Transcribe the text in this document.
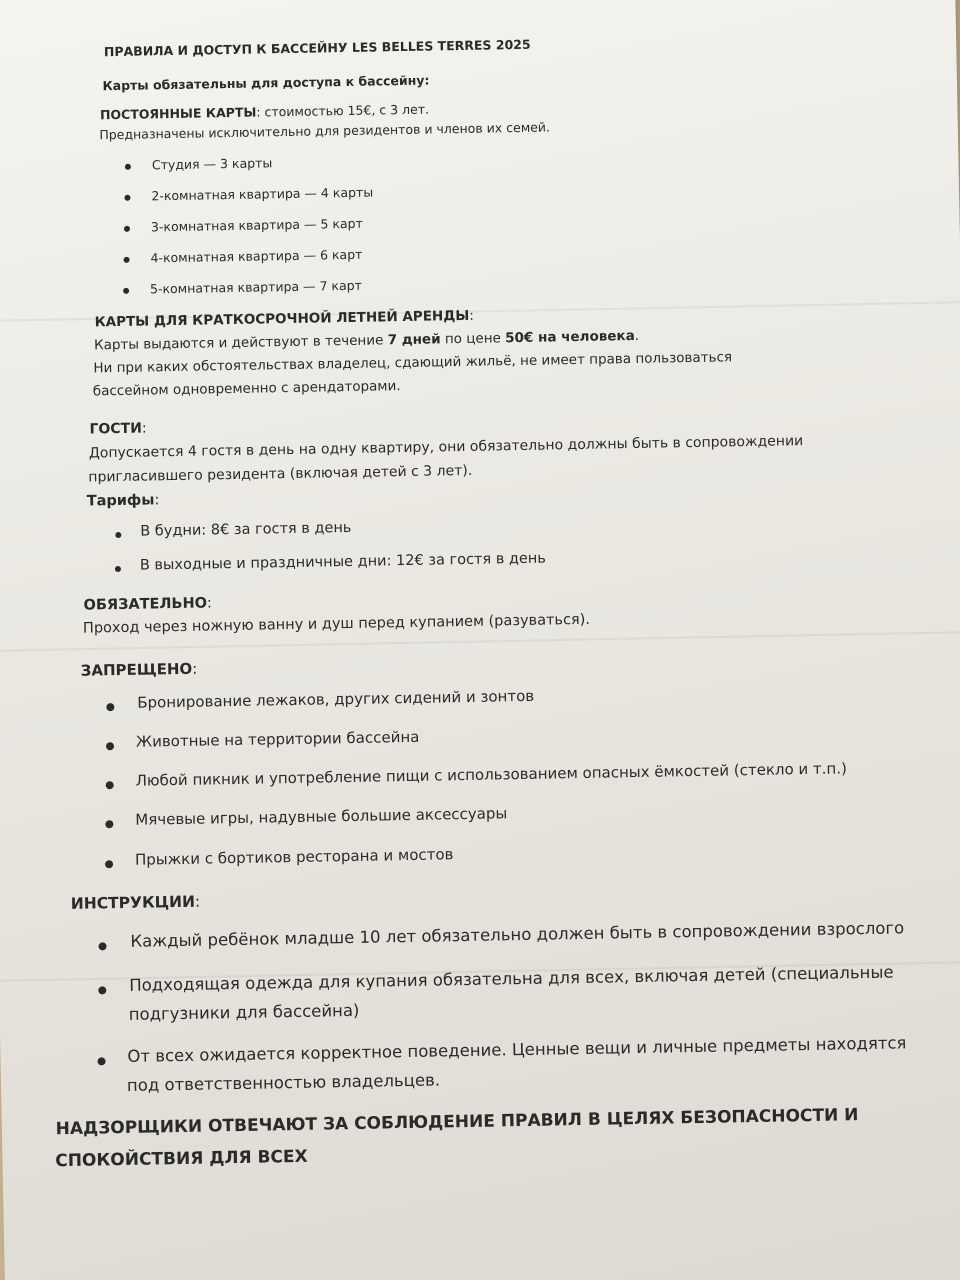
ПРАВИЛА И ДОСТУП К БАССЕЙНУ LES BELLES TERRES 2025

Карты обязательны для доступа к бассейну:

ПОСТОЯННЫЕ КАРТЫ: стоимостью 15€, с 3 лет.

Предназначены исключительно для резидентов и членов их семей.

Студия — 3 карты

2-комнатная квартира — 4 карты

3-комнатная квартира — 5 карт

4-комнатная квартира — 6 карт

5-комнатная квартира — 7 карт

КАРТЫ ДЛЯ КРАТКОСРОЧНОЙ ЛЕТНЕЙ АРЕНДЫ:

Карты выдаются и действуют в течение 7 дней по цене 50€ на человека.

Ни при каких обстоятельствах владелец, сдающий жильё, не имеет права пользоваться

бассейном одновременно с арендаторами.

ГОСТИ:

Допускается 4 гостя в день на одну квартиру, они обязательно должны быть в сопровождении

пригласившего резидента (включая детей с 3 лет).

Тарифы:

В будни: 8€ за гостя в день

В выходные и праздничные дни: 12€ за гостя в день

ОБЯЗАТЕЛЬНО:

Проход через ножную ванну и душ перед купанием (разуваться).

ЗАПРЕЩЕНО:

Бронирование лежаков, других сидений и зонтов

Животные на территории бассейна

Любой пикник и употребление пищи с использованием опасных ёмкостей (стекло и т.п.)

Мячевые игры, надувные большие аксессуары

Прыжки с бортиков ресторана и мостов

ИНСТРУКЦИИ:

Каждый ребёнок младше 10 лет обязательно должен быть в сопровождении взрослого

Подходящая одежда для купания обязательна для всех, включая детей (специальные

подгузники для бассейна)

От всех ожидается корректное поведение. Ценные вещи и личные предметы находятся

под ответственностью владельцев.

НАДЗОРЩИКИ ОТВЕЧАЮТ ЗА СОБЛЮДЕНИЕ ПРАВИЛ В ЦЕЛЯХ БЕЗОПАСНОСТИ И

СПОКОЙСТВИЯ ДЛЯ ВСЕХ
